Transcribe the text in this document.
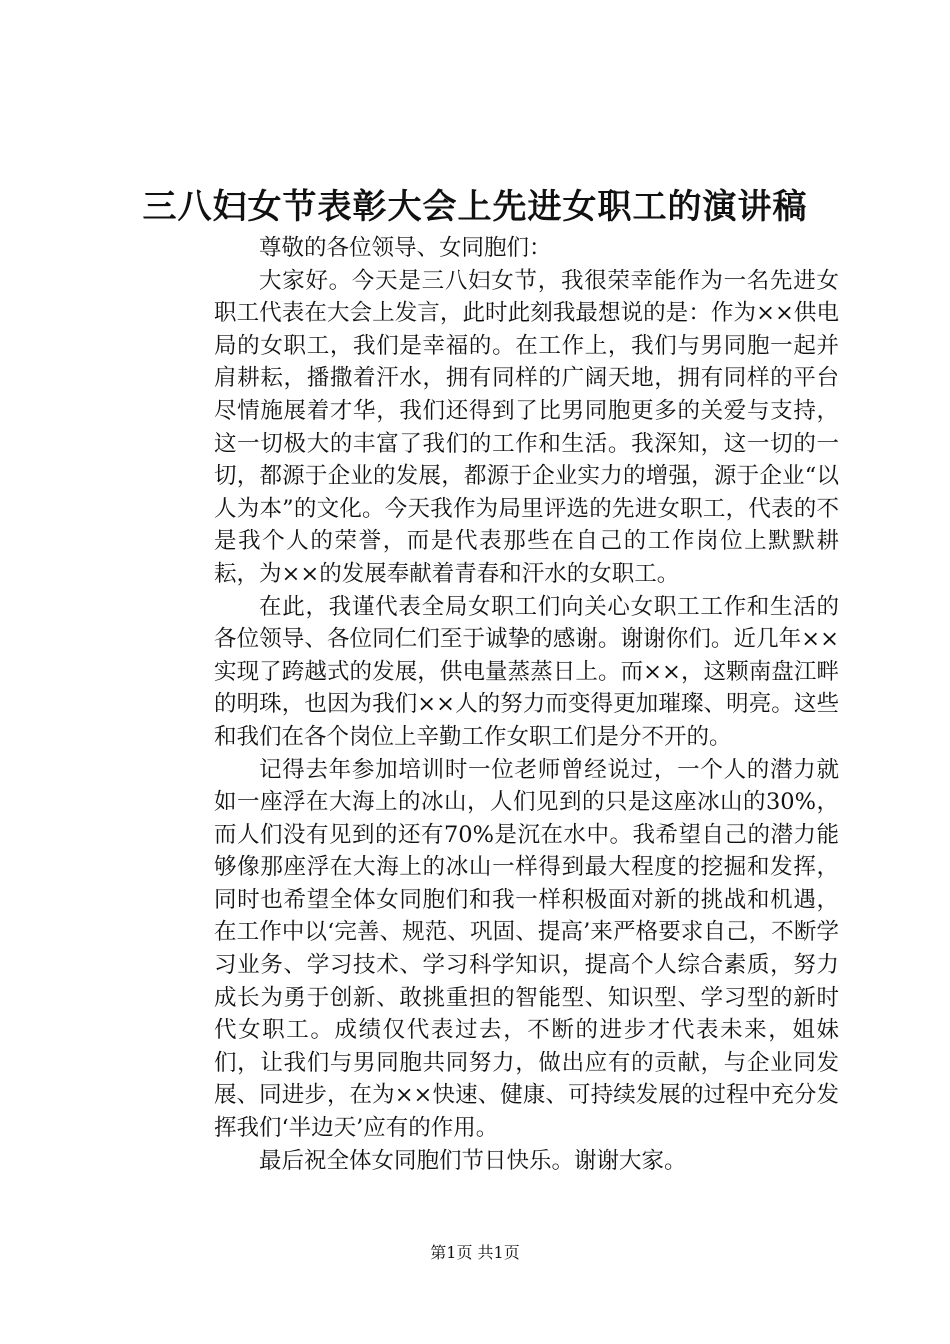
三八妇女节表彰大会上先进女职工的演讲稿

尊敬的各位领导、女同胞们：

大家好。今天是三八妇女节，我很荣幸能作为一名先进女职工代表在大会上发言，此时此刻我最想说的是：作为××供电局的女职工，我们是幸福的。在工作上，我们与男同胞一起并肩耕耘，播撒着汗水，拥有同样的广阔天地，拥有同样的平台尽情施展着才华，我们还得到了比男同胞更多的关爱与支持，这一切极大的丰富了我们的工作和生活。我深知，这一切的一切，都源于企业的发展，都源于企业实力的增强，源于企业“以人为本”的文化。今天我作为局里评选的先进女职工，代表的不是我个人的荣誉，而是代表那些在自己的工作岗位上默默耕耘，为××的发展奉献着青春和汗水的女职工。

在此，我谨代表全局女职工们向关心女职工工作和生活的各位领导、各位同仁们至于诚挚的感谢。谢谢你们。近几年××实现了跨越式的发展，供电量蒸蒸日上。而××，这颗南盘江畔的明珠，也因为我们××人的努力而变得更加璀璨、明亮。这些和我们在各个岗位上辛勤工作女职工们是分不开的。

记得去年参加培训时一位老师曾经说过，一个人的潜力就如一座浮在大海上的冰山，人们见到的只是这座冰山的30%，而人们没有见到的还有70%是沉在水中。我希望自己的潜力能够像那座浮在大海上的冰山一样得到最大程度的挖掘和发挥，同时也希望全体女同胞们和我一样积极面对新的挑战和机遇，在工作中以‘完善、规范、巩固、提高’来严格要求自己，不断学习业务、学习技术、学习科学知识，提高个人综合素质，努力成长为勇于创新、敢挑重担的智能型、知识型、学习型的新时代女职工。成绩仅代表过去，不断的进步才代表未来，姐妹们，让我们与男同胞共同努力，做出应有的贡献，与企业同发展、同进步，在为××快速、健康、可持续发展的过程中充分发挥我们‘半边天’应有的作用。

最后祝全体女同胞们节日快乐。谢谢大家。

第1页 共1页
